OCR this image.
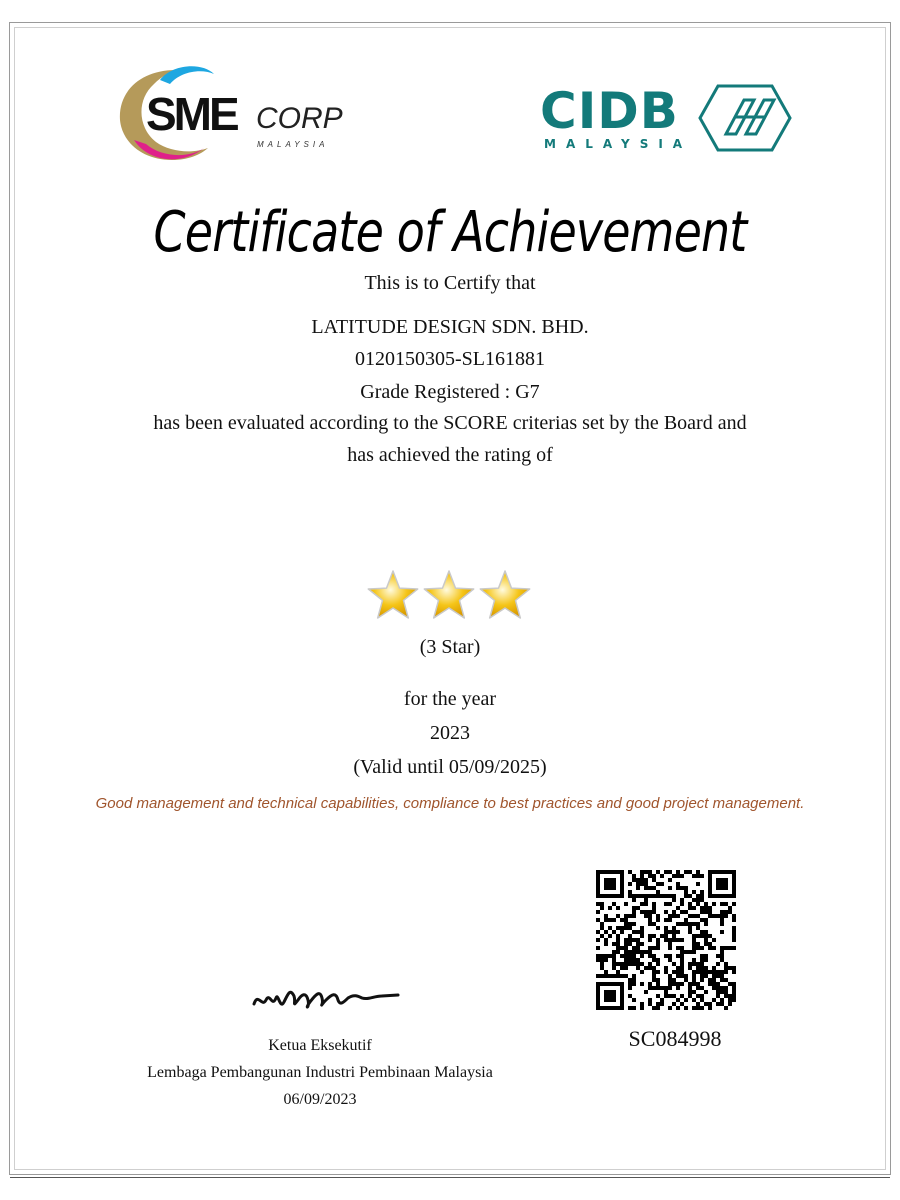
SME CORP
MALAYSIA
CIDB
MALAYSIA
Certificate of Achievement
This is to Certify that
LATITUDE DESIGN SDN. BHD.
0120150305-SL161881
Grade Registered : G7
has been evaluated according to the SCORE criterias set by the Board and
has achieved the rating of
(3 Star)
for the year
2023
(Valid until 05/09/2025)
Good management and technical capabilities, compliance to best practices and good project management.
SC084998
Ketua Eksekutif
Lembaga Pembangunan Industri Pembinaan Malaysia
06/09/2023
